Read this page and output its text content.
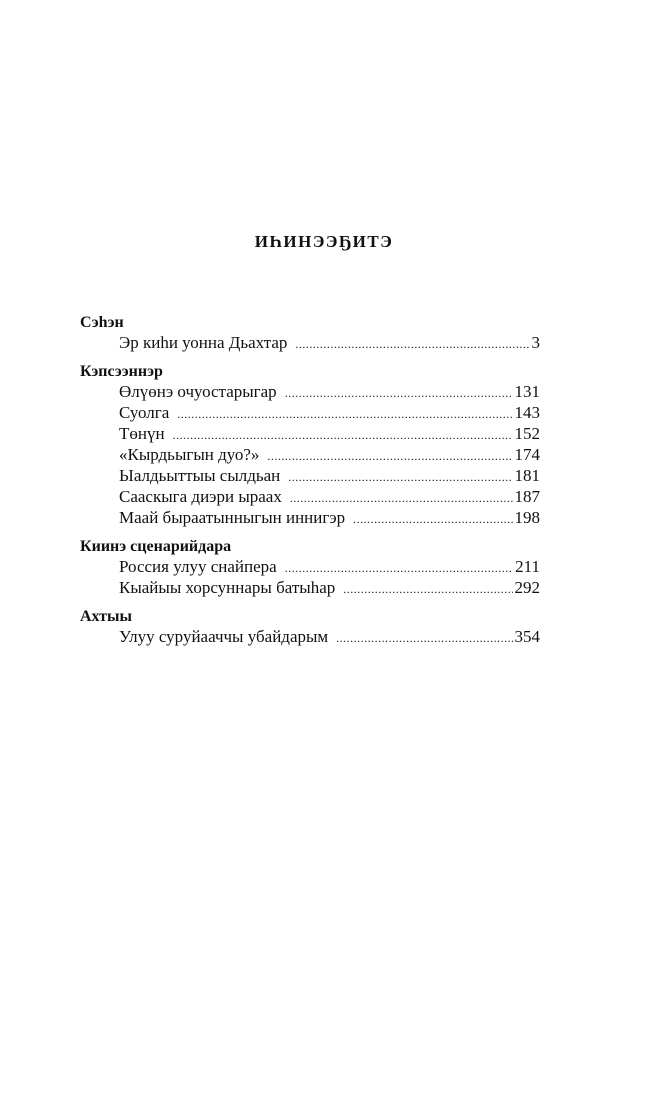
ИҺИНЭЭҔИТЭ
Сэһэн
Эр киһи уонна Дьахтар .....	3
Кэпсээннэр
Өлүөнэ очуостарыгар .....	131
Суолга .....	143
Төнүн .....	152
«Кырдьыгын дуо?» .....	174
Ыалдьыттыы сылдьан .....	181
Сааскыга диэри ыраах .....	187
Маай быраатынныгын иннигэр .....	198
Киинэ сценарийдара
Россия улуу снайпера .....	211
Кыайыы хорсуннары батыһар .....	292
Ахтыы
Улуу суруйааччы убайдарым .....	354
